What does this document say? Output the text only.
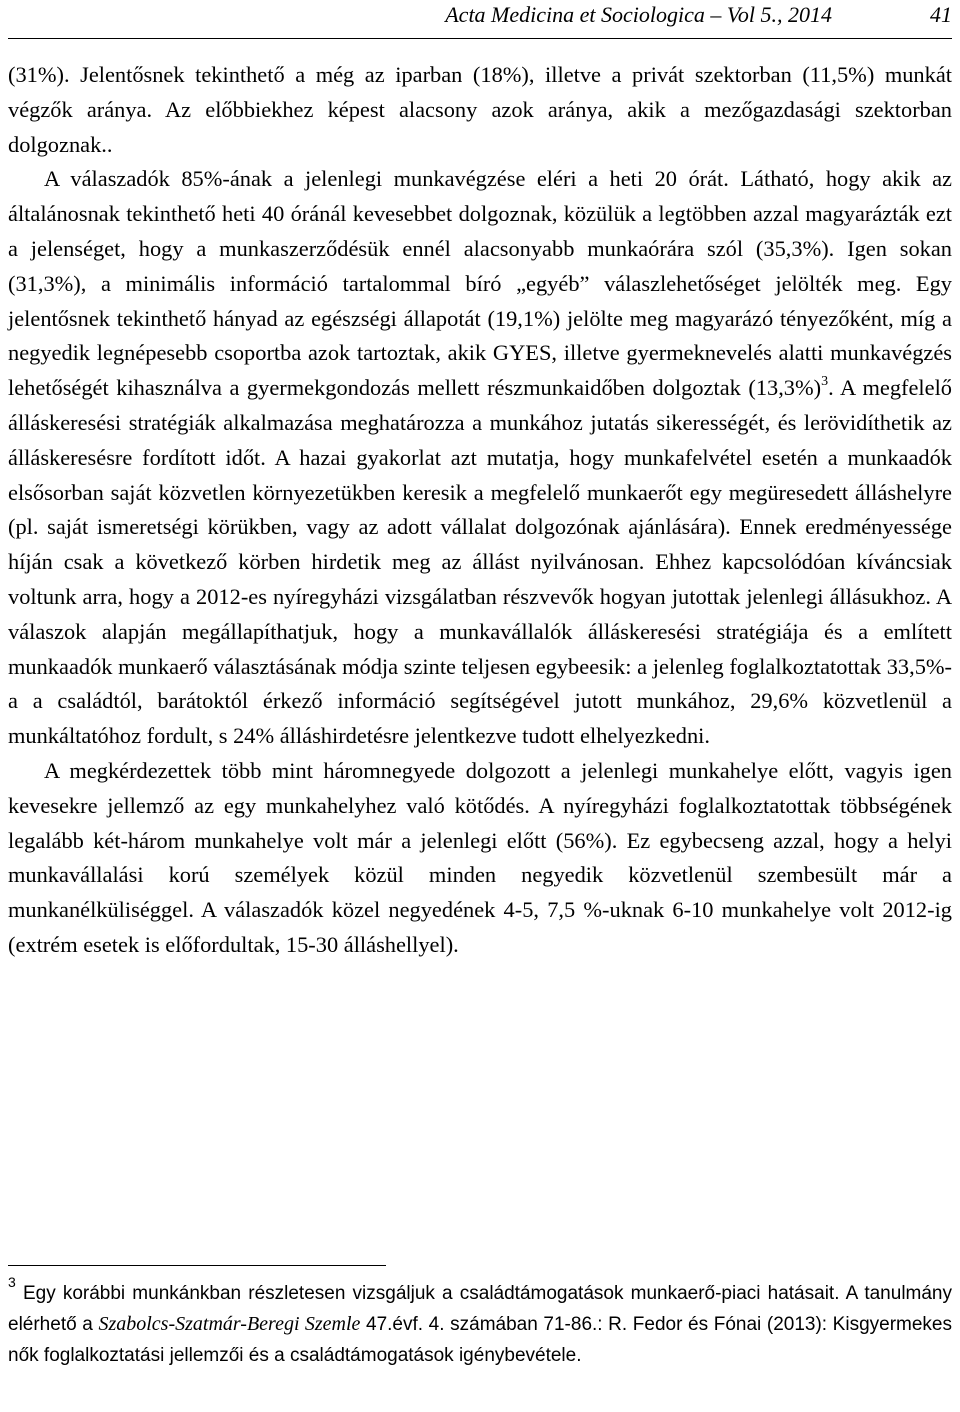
Acta Medicina et Sociologica – Vol 5., 2014	41

(31%). Jelentősnek tekinthető a még az iparban (18%), illetve a privát szektorban (11,5%) munkát végzők aránya. Az előbbiekhez képest alacsony azok aránya, akik a mezőgazdasági szektorban dolgoznak..

A válaszadók 85%-ának a jelenlegi munkavégzése eléri a heti 20 órát. Látható, hogy akik az általánosnak tekinthető heti 40 óránál kevesebbet dolgoznak, közülük a legtöbben azzal magyarázták ezt a jelenséget, hogy a munkaszerződésük ennél alacsonyabb munkaórára szól (35,3%). Igen sokan (31,3%), a minimális információ tartalommal bíró „egyéb” válaszlehetőséget jelölték meg. Egy jelentősnek tekinthető hányad az egészségi állapotát (19,1%) jelölte meg magyarázó tényezőként, míg a negyedik legnépesebb csoportba azok tartoztak, akik GYES, illetve gyermeknevelés alatti munkavégzés lehetőségét kihasználva a gyermekgondozás mellett részmunkaidőben dolgoztak $(13,3\%)^3$. A megfelelő álláskeresési stratégiák alkalmazása meghatározza a munkához jutatás sikerességét, és lerövidíthetik az álláskeresésre fordított időt. A hazai gyakorlat azt mutatja, hogy munkafelvétel esetén a munkaadók elsősorban saját közvetlen környezetükben keresik a megfelelő munkaerőt egy megüresedett álláshelyre (pl. saját ismeretségi körükben, vagy az adott vállalat dolgozónak ajánlására). Ennek eredményessége híján csak a következő körben hirdetik meg az állást nyilvánosan. Ehhez kapcsolódóan kíváncsiak voltunk arra, hogy a 2012-es nyíregyházi vizsgálatban részvevők hogyan jutottak jelenlegi állásukhoz. A válaszok alapján megállapíthatjuk, hogy a munkavállalók álláskeresési stratégiája és a említett munkaadók munkaerő választásának módja szinte teljesen egybeesik: a jelenleg foglalkoztatottak 33,5%-a a családtól, barátoktól érkező információ segítségével jutott munkához, 29,6% közvetlenül a munkáltatóhoz fordult, s 24% álláshirdetésre jelentkezve tudott elhelyezkedni.

A megkérdezettek több mint háromnegyede dolgozott a jelenlegi munkahelye előtt, vagyis igen kevesekre jellemző az egy munkahelyhez való kötődés. A nyíregyházi foglalkoztatottak többségének legalább két-három munkahelye volt már a jelenlegi előtt (56%). Ez egybecseng azzal, hogy a helyi munkavállalási korú személyek közül minden negyedik közvetlenül szembesült már a munkanélküliséggel. A válaszadók közel negyedének 4-5, 7,5 %-uknak 6-10 munkahelye volt 2012-ig (extrém esetek is előfordultak, 15-30 álláshellyel).

$^3$ Egy korábbi munkánkban részletesen vizsgáljuk a családtámogatások munkaerő-piaci hatásait. A tanulmány elérhető a Szabolcs-Szatmár-Beregi Szemle 47.évf. 4. számában 71-86.: R. Fedor és Fónai (2013): Kisgyermekes nők foglalkoztatási jellemzői és a családtámogatások igénybevétele.
